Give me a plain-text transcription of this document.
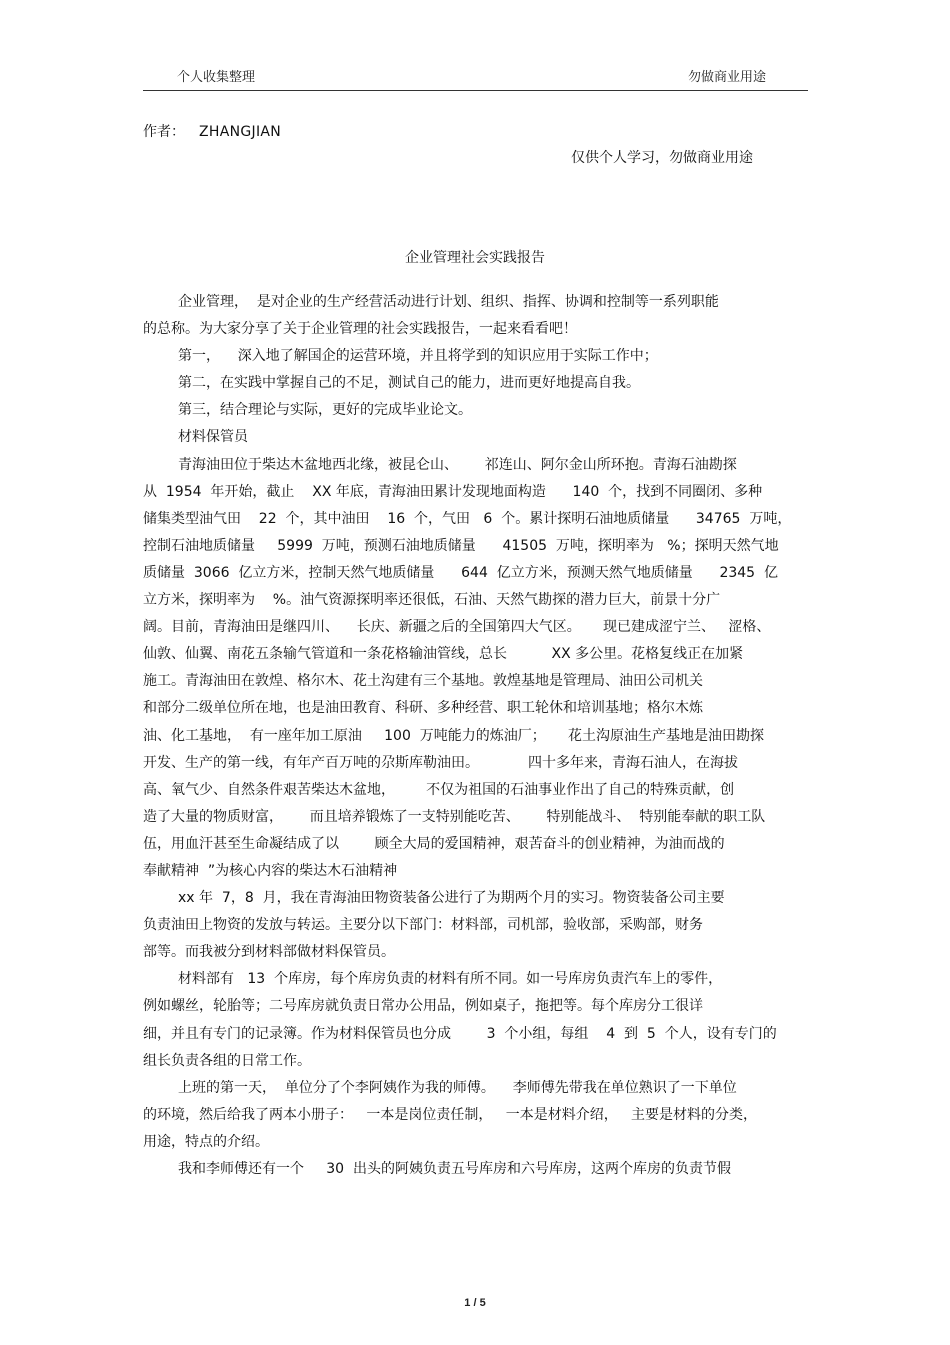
个人收集整理	勿做商业用途
作者： ZHANGJIAN
仅供个人学习，勿做商业用途
企业管理社会实践报告
企业管理，  是对企业的生产经营活动进行计划、组织、指挥、协调和控制等一系列职能
的总称。为大家分享了关于企业管理的社会实践报告，一起来看看吧！
第一，    深入地了解国企的运营环境，并且将学到的知识应用于实际工作中；
第二，在实践中掌握自己的不足，测试自己的能力，进而更好地提高自我。
第三，结合理论与实际，更好的完成毕业论文。
材料保管员
青海油田位于柴达木盆地西北缘，被昆仑山、      祁连山、阿尔金山所环抱。青海石油勘探
从  1954  年开始，截止    XX 年底，青海油田累计发现地面构造      140  个，找到不同圈闭、多种
储集类型油气田    22  个，其中油田    16  个，气田   6  个。累计探明石油地质储量      34765  万吨，
控制石油地质储量     5999  万吨，预测石油地质储量      41505  万吨，探明率为   %；探明天然气地
质储量  3066  亿立方米，控制天然气地质储量      644  亿立方米，预测天然气地质储量      2345  亿
立方米，探明率为    %。油气资源探明率还很低，石油、天然气勘探的潜力巨大，前景十分广
阔。目前，青海油田是继四川、    长庆、新疆之后的全国第四大气区。     现已建成涩宁兰、   涩格、
仙敦、仙翼、南花五条输气管道和一条花格输油管线，总长          XX 多公里。花格复线正在加紧
施工。青海油田在敦煌、格尔木、花土沟建有三个基地。敦煌基地是管理局、油田公司机关
和部分二级单位所在地，也是油田教育、科研、多种经营、职工轮休和培训基地；格尔木炼
油、化工基地，  有一座年加工原油     100  万吨能力的炼油厂；     花土沟原油生产基地是油田勘探
开发、生产的第一线，有年产百万吨的尕斯库勒油田。           四十多年来，青海石油人，在海拔
高、氧气少、自然条件艰苦柴达木盆地，       不仅为祖国的石油事业作出了自己的特殊贡献，创
造了大量的物质财富，      而且培养锻炼了一支特别能吃苦、      特别能战斗、  特别能奉献的职工队
伍，用血汗甚至生命凝结成了以        顾全大局的爱国精神，艰苦奋斗的创业精神，为油而战的
奉献精神  ”为核心内容的柴达木石油精神
xx 年  7，8  月，我在青海油田物资装备公进行了为期两个月的实习。物资装备公司主要
负责油田上物资的发放与转运。主要分以下部门：材料部，司机部，验收部，采购部，财务
部等。而我被分到材料部做材料保管员。
材料部有   13  个库房，每个库房负责的材料有所不同。如一号库房负责汽车上的零件，
例如螺丝，轮胎等；二号库房就负责日常办公用品，例如桌子，拖把等。每个库房分工很详
细，并且有专门的记录簿。作为材料保管员也分成        3  个小组，每组    4  到  5  个人，设有专门的
组长负责各组的日常工作。
上班的第一天，  单位分了个李阿姨作为我的师傅。    李师傅先带我在单位熟识了一下单位
的环境，然后给我了两本小册子：   一本是岗位责任制，   一本是材料介绍，   主要是材料的分类，
用途，特点的介绍。
我和李师傅还有一个     30  出头的阿姨负责五号库房和六号库房，这两个库房的负责节假
1 / 5
